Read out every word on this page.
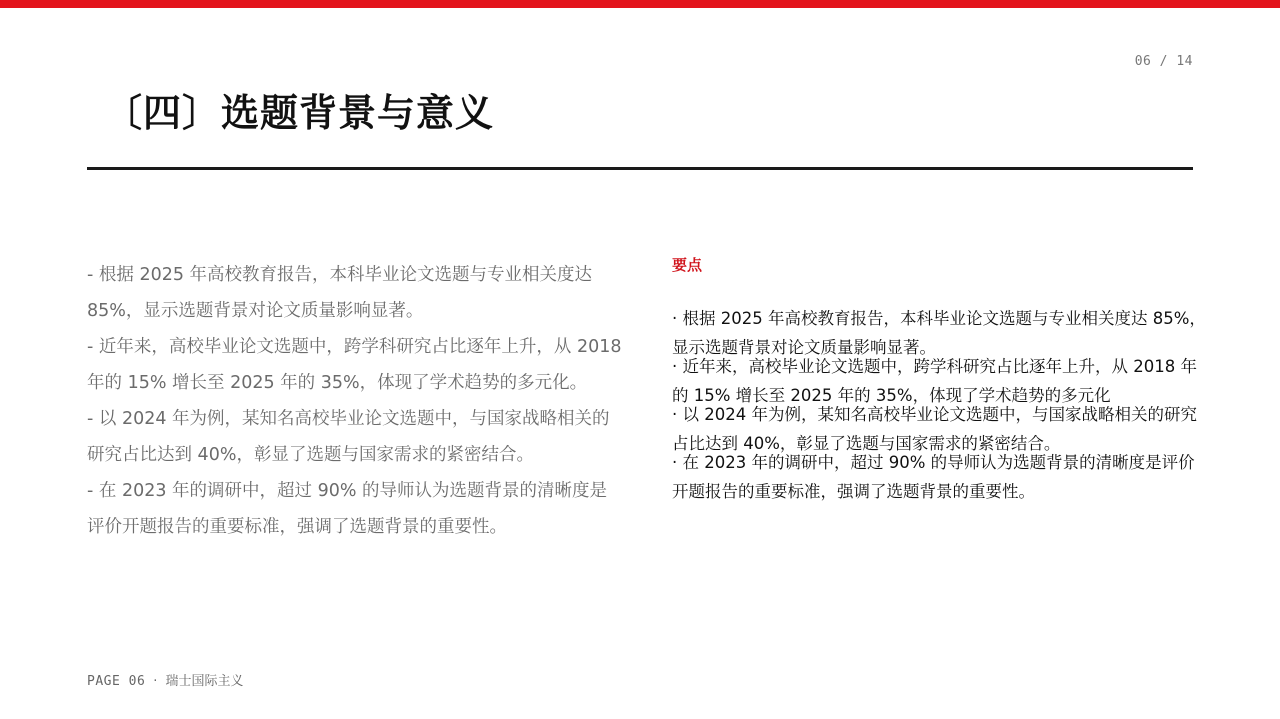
06 / 14
〔四〕选题背景与意义

- 根据 2025 年高校教育报告，本科毕业论文选题与专业相关度达 85%，显示选题背景对论文质量影响显著。

- 近年来，高校毕业论文选题中，跨学科研究占比逐年上升，从 2018 年的 15% 增长至 2025 年的 35%，体现了学术趋势的多元化。

- 以 2024 年为例，某知名高校毕业论文选题中，与国家战略相关的研究占比达到 40%，彰显了选题与国家需求的紧密结合。

- 在 2023 年的调研中，超过 90% 的导师认为选题背景的清晰度是评价开题报告的重要标准，强调了选题背景的重要性。

要点
· 根据 2025 年高校教育报告，本科毕业论文选题与专业相关度达 85%，显示选题背景对论文质量影响显著。
· 近年来，高校毕业论文选题中，跨学科研究占比逐年上升，从 2018 年的 15% 增长至 2025 年的 35%，体现了学术趋势的多元化
· 以 2024 年为例，某知名高校毕业论文选题中，与国家战略相关的研究占比达到 40%，彰显了选题与国家需求的紧密结合。
· 在 2023 年的调研中，超过 90% 的导师认为选题背景的清晰度是评价开题报告的重要标准，强调了选题背景的重要性。
PAGE 06 · 瑞士国际主义
